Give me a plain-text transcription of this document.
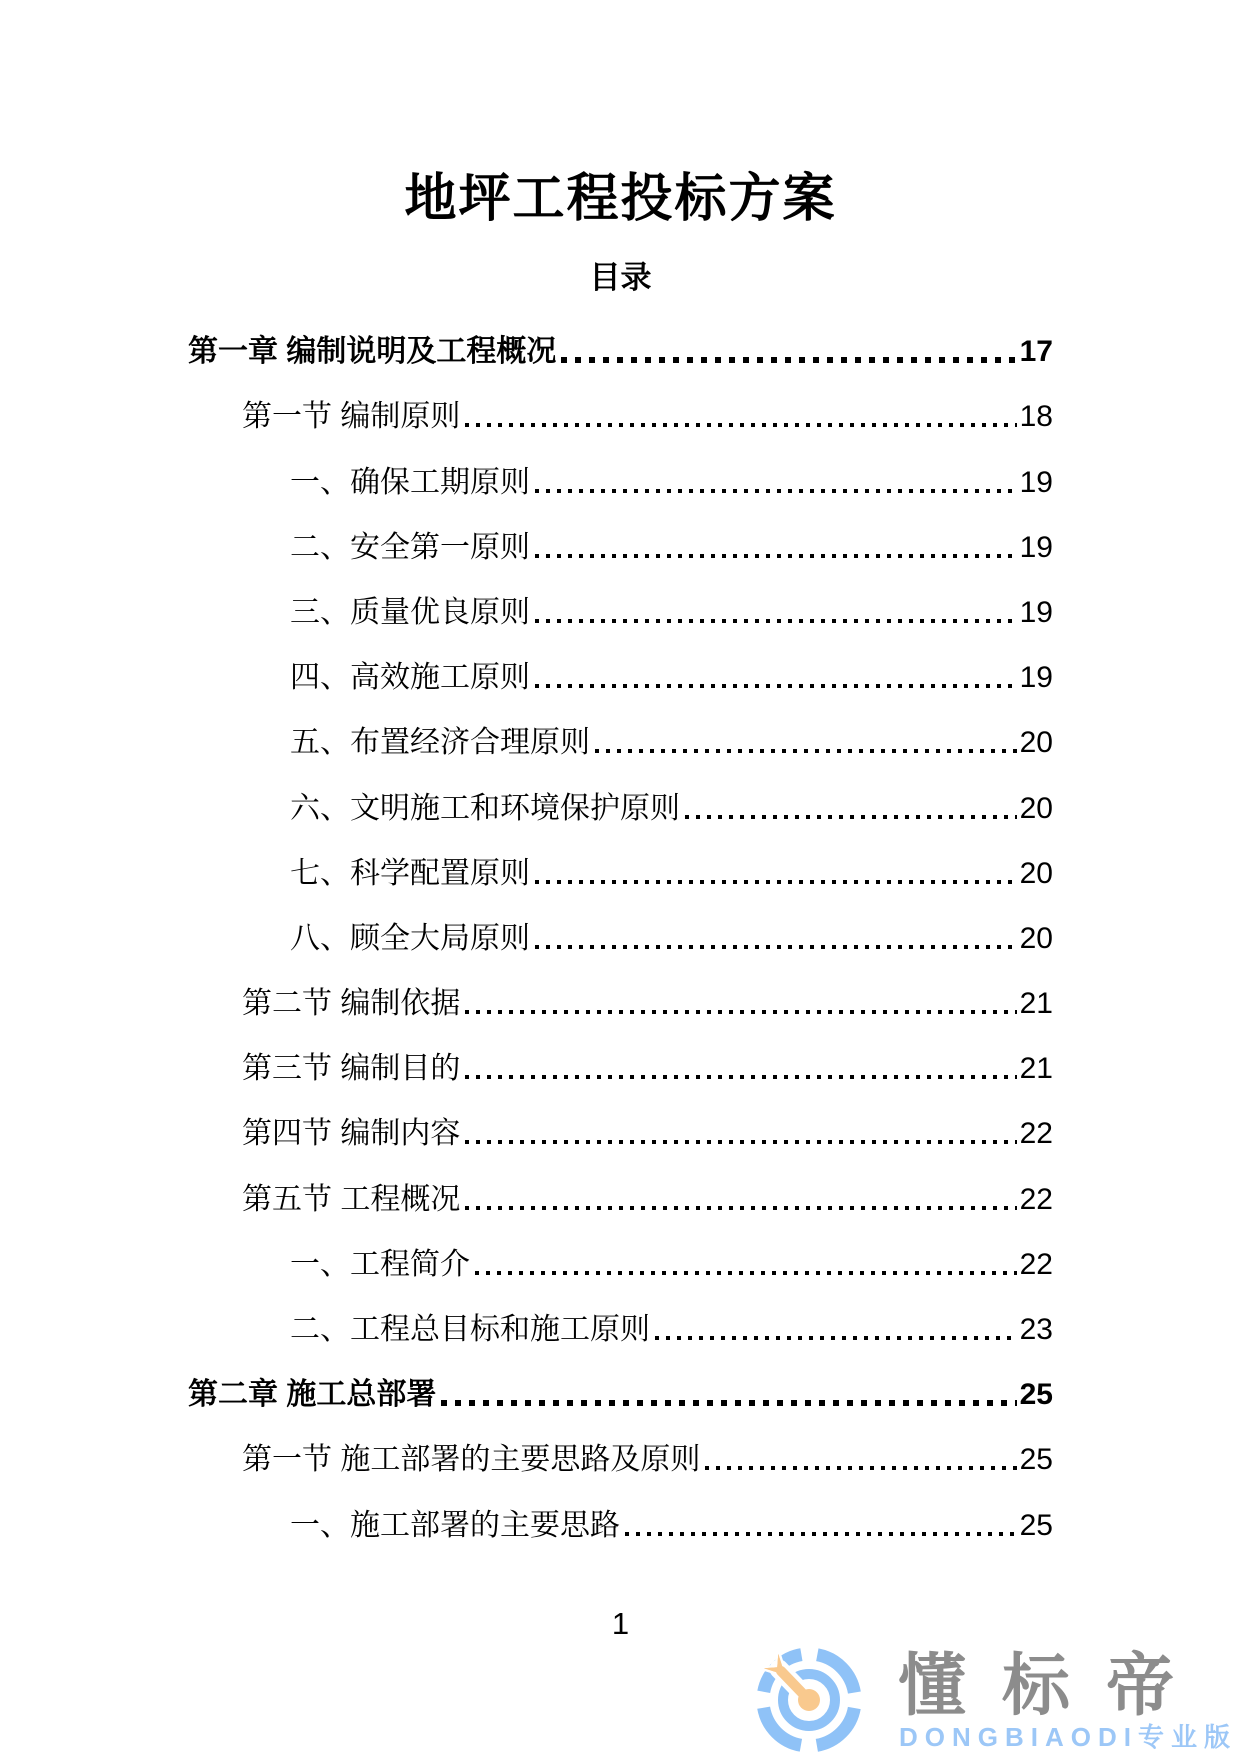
地坪工程投标方案
目录
第一章 编制说明及工程概况	17
第一节 编制原则	18
一、确保工期原则	19
二、安全第一原则	19
三、质量优良原则	19
四、高效施工原则	19
五、布置经济合理原则	20
六、文明施工和环境保护原则	20
七、科学配置原则	20
八、顾全大局原则	20
第二节 编制依据	21
第三节 编制目的	21
第四节 编制内容	22
第五节 工程概况	22
一、工程简介	22
二、工程总目标和施工原则	23
第二章 施工总部署	25
第一节 施工部署的主要思路及原则	25
一、施工部署的主要思路	25
1
懂标帝
DONGBIAODI专业版
